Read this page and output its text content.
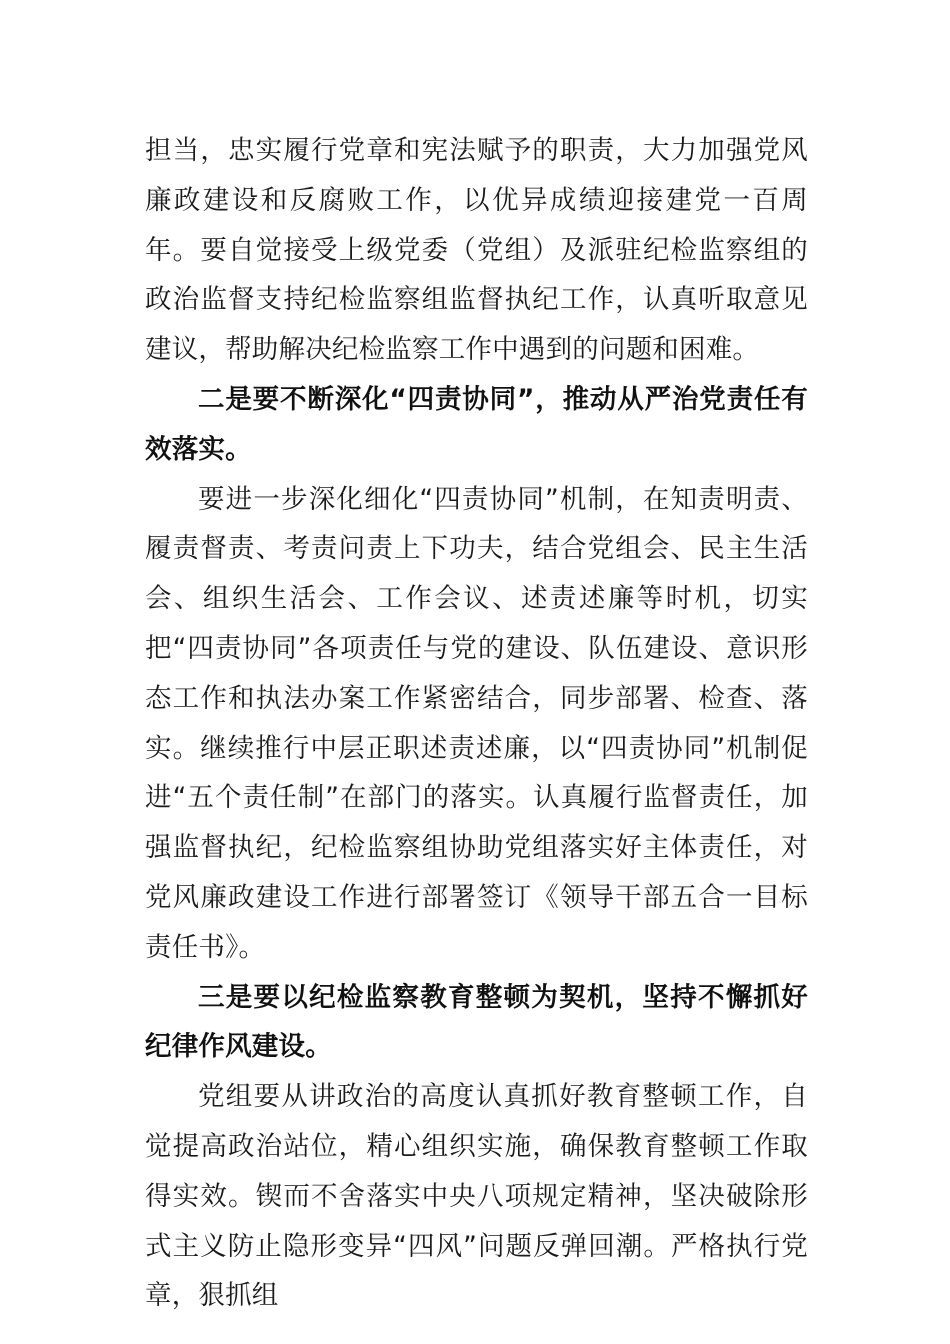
担当，忠实履行党章和宪法赋予的职责，大力加强党风廉政建设和反腐败工作，以优异成绩迎接建党一百周年。要自觉接受上级党委（党组）及派驻纪检监察组的政治监督支持纪检监察组监督执纪工作，认真听取意见建议，帮助解决纪检监察工作中遇到的问题和困难。

二是要不断深化“四责协同”，推动从严治党责任有效落实。

要进一步深化细化“四责协同”机制，在知责明责、履责督责、考责问责上下功夫，结合党组会、民主生活会、组织生活会、工作会议、述责述廉等时机，切实把“四责协同”各项责任与党的建设、队伍建设、意识形态工作和执法办案工作紧密结合，同步部署、检查、落实。继续推行中层正职述责述廉，以“四责协同”机制促进“五个责任制”在部门的落实。认真履行监督责任，加强监督执纪，纪检监察组协助党组落实好主体责任，对党风廉政建设工作进行部署签订《领导干部五合一目标责任书》。

三是要以纪检监察教育整顿为契机，坚持不懈抓好纪律作风建设。

党组要从讲政治的高度认真抓好教育整顿工作，自觉提高政治站位，精心组织实施，确保教育整顿工作取得实效。锲而不舍落实中央八项规定精神，坚决破除形式主义防止隐形变异“四风”问题反弹回潮。严格执行党章，狠抓组
